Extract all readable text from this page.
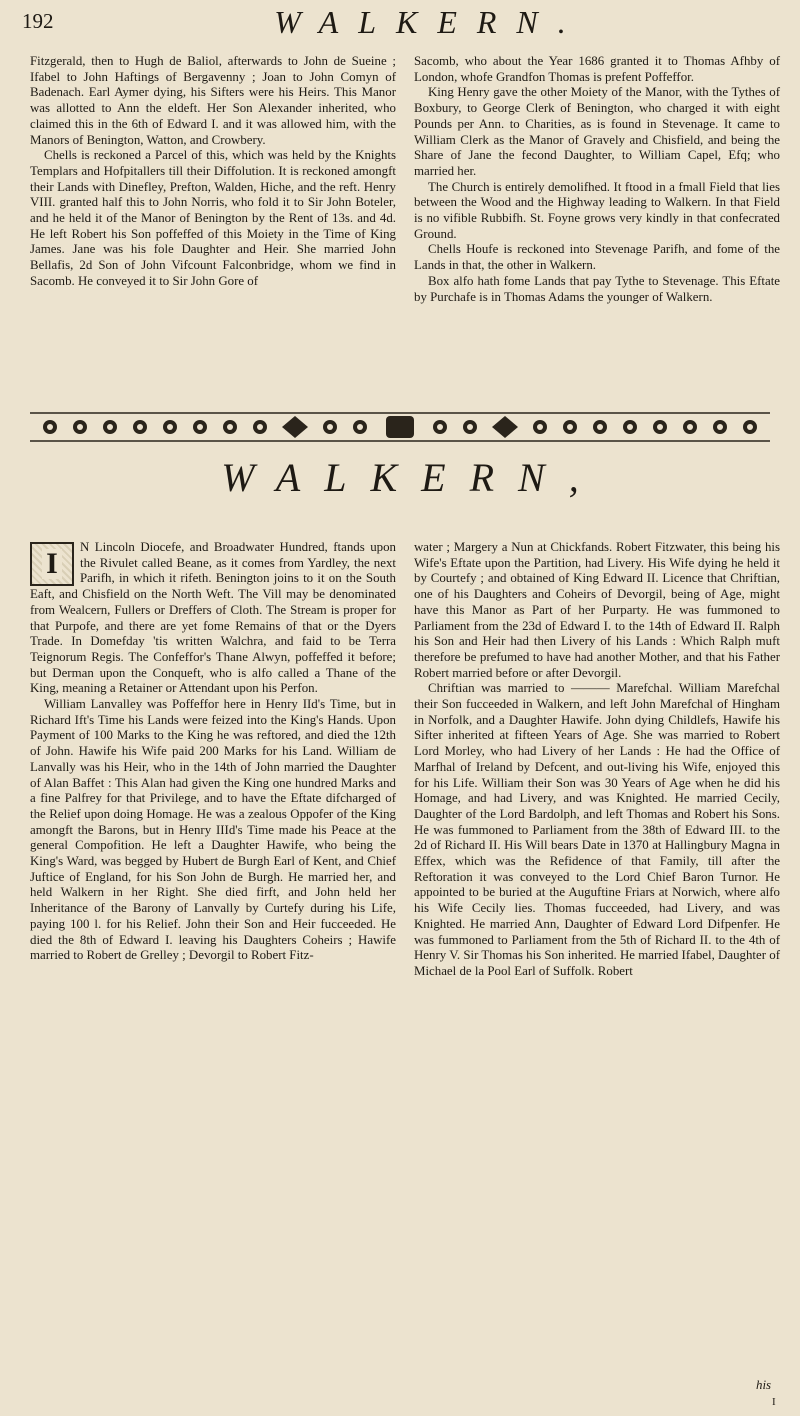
192	WALKERN.

Fitzgerald, then to Hugh de Baliol, afterwards to John de Sueine ; Ifabel to John Haftings of Bergavenny ; Joan to John Comyn of Badenach. Earl Aymer dying, his Sifters were his Heirs. This Manor was allotted to Ann the eldeft. Her Son Alexander inherited, who claimed this in the 6th of Edward I. and it was allowed him, with the Manors of Benington, Watton, and Crowbery.

Chells is reckoned a Parcel of this, which was held by the Knights Templars and Hofpitallers till their Diffolution. It is reckoned amongft their Lands with Dinefley, Prefton, Walden, Hiche, and the reft. Henry VIII. granted half this to John Norris, who fold it to Sir John Boteler, and he held it of the Manor of Benington by the Rent of 13s. and 4d. He left Robert his Son poffeffed of this Moiety in the Time of King James. Jane was his fole Daughter and Heir. She married John Bellafis, 2d Son of John Vifcount Falconbridge, whom we find in Sacomb. He conveyed it to Sir John Gore of

Sacomb, who about the Year 1686 granted it to Thomas Afhby of London, whofe Grandfon Thomas is prefent Poffeffor.

King Henry gave the other Moiety of the Manor, with the Tythes of Boxbury, to George Clerk of Benington, who charged it with eight Pounds per Ann. to Charities, as is found in Stevenage. It came to William Clerk as the Manor of Gravely and Chisfield, and being the Share of Jane the fecond Daughter, to William Capel, Efq; who married her.

The Church is entirely demolifhed. It ftood in a fmall Field that lies between the Wood and the Highway leading to Walkern. In that Field is no vifible Rubbifh. St. Foyne grows very kindly in that confecrated Ground.

Chells Houfe is reckoned into Stevenage Parifh, and fome of the Lands in that, the other in Walkern.

Box alfo hath fome Lands that pay Tythe to Stevenage. This Eftate by Purchafe is in Thomas Adams the younger of Walkern.

WALKERN,

I	N Lincoln Diocefe, and Broadwater Hundred, ftands upon the Rivulet called Beane, as it comes from Yardley, the next Parifh, in which it rifeth. Benington joins to it on the South Eaft, and Chisfield on the North Weft. The Vill may be denominated from Wealcern, Fullers or Dreffers of Cloth. The Stream is proper for that Purpofe, and there are yet fome Remains of that or the Dyers Trade. In Domefday 'tis written Walchra, and faid to be Terra Teignorum Regis. The Confeffor's Thane Alwyn, poffeffed it before; but Derman upon the Conqueft, who is alfo called a Thane of the King, meaning a Retainer or Attendant upon his Perfon.

William Lanvalley was Poffeffor here in Henry IId's Time, but in Richard Ift's Time his Lands were feized into the King's Hands. Upon Payment of 100 Marks to the King he was reftored, and died the 12th of John. Hawife his Wife paid 200 Marks for his Land. William de Lanvally was his Heir, who in the 14th of John married the Daughter of Alan Baffet : This Alan had given the King one hundred Marks and a fine Palfrey for that Privilege, and to have the Eftate difcharged of the Relief upon doing Homage. He was a zealous Oppofer of the King amongft the Barons, but in Henry IIId's Time made his Peace at the general Compofition. He left a Daughter Hawife, who being the King's Ward, was begged by Hubert de Burgh Earl of Kent, and Chief Juftice of England, for his Son John de Burgh. He married her, and held Walkern in her Right. She died firft, and John held her Inheritance of the Barony of Lanvally by Curtefy during his Life, paying 100 l. for his Relief. John their Son and Heir fucceeded. He died the 8th of Edward I. leaving his Daughters Coheirs ; Hawife married to Robert de Grelley ; Devorgil to Robert Fitz-

water ; Margery a Nun at Chickfands. Robert Fitzwater, this being his Wife's Eftate upon the Partition, had Livery. His Wife dying he held it by Courtefy ; and obtained of King Edward II. Licence that Chriftian, one of his Daughters and Coheirs of Devorgil, being of Age, might have this Manor as Part of her Purparty. He was fummoned to Parliament from the 23d of Edward I. to the 14th of Edward II. Ralph his Son and Heir had then Livery of his Lands : Which Ralph muft therefore be prefumed to have had another Mother, and that his Father Robert married before or after Devorgil.

Chriftian was married to ——— Marefchal. William Marefchal their Son fucceeded in Walkern, and left John Marefchal of Hingham in Norfolk, and a Daughter Hawife. John dying Childlefs, Hawife his Sifter inherited at fifteen Years of Age. She was married to Robert Lord Morley, who had Livery of her Lands : He had the Office of Marfhal of Ireland by Defcent, and out-living his Wife, enjoyed this for his Life. William their Son was 30 Years of Age when he did his Homage, and had Livery, and was Knighted. He married Cecily, Daughter of the Lord Bardolph, and left Thomas and Robert his Sons. He was fummoned to Parliament from the 38th of Edward III. to the 2d of Richard II. His Will bears Date in 1370 at Hallingbury Magna in Effex, which was the Refidence of that Family, till after the Reftoration it was conveyed to the Lord Chief Baron Turnor. He appointed to be buried at the Auguftine Friars at Norwich, where alfo his Wife Cecily lies. Thomas fucceeded, had Livery, and was Knighted. He married Ann, Daughter of Edward Lord Difpenfer. He was fummoned to Parliament from the 5th of Richard II. to the 4th of Henry V. Sir Thomas his Son inherited. He married Ifabel, Daughter of Michael de la Pool Earl of Suffolk. Robert

his
I
